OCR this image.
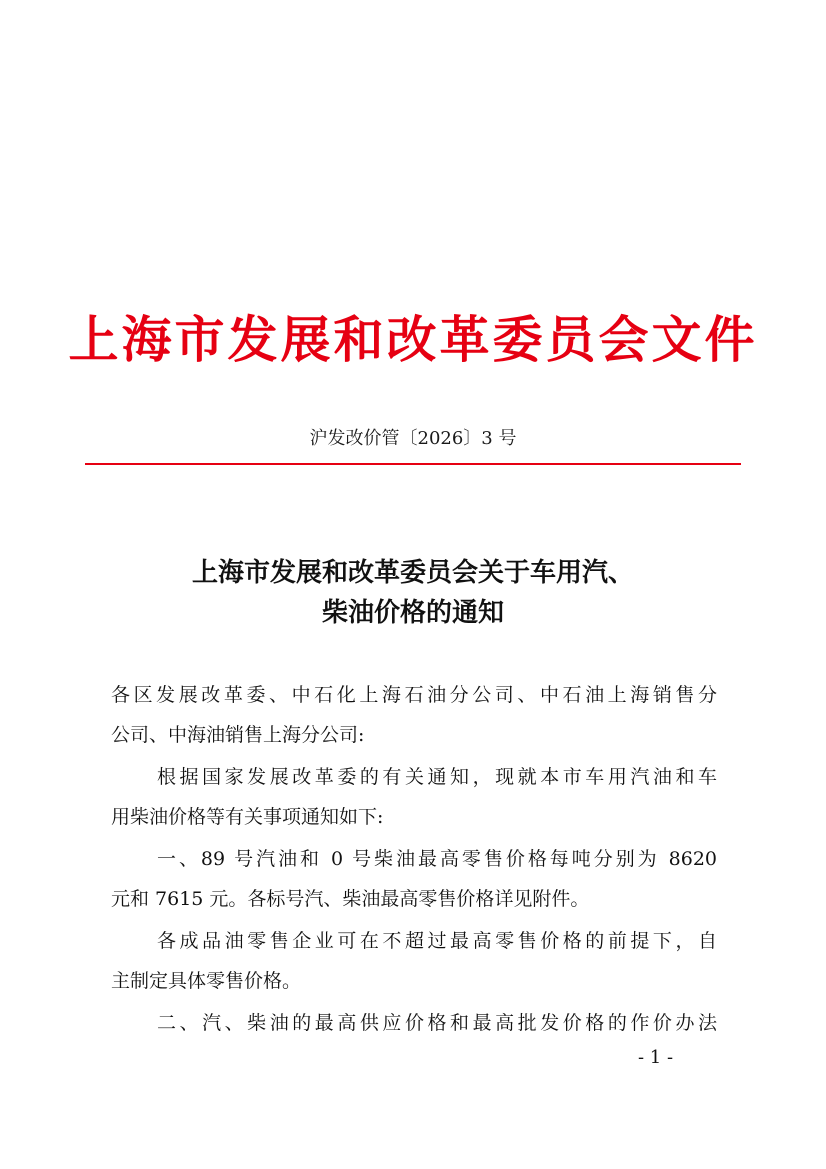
上海市发展和改革委员会文件
沪发改价管〔2026〕3 号
上海市发展和改革委员会关于车用汽、
柴油价格的通知
各区发展改革委、中石化上海石油分公司、中石油上海销售分
公司、中海油销售上海分公司:
根据国家发展改革委的有关通知，现就本市车用汽油和车
用柴油价格等有关事项通知如下:
一、89 号汽油和 0 号柴油最高零售价格每吨分别为 8620
元和 7615 元。各标号汽、柴油最高零售价格详见附件。
各成品油零售企业可在不超过最高零售价格的前提下，自
主制定具体零售价格。
二、汽、柴油的最高供应价格和最高批发价格的作价办法
- 1 -
